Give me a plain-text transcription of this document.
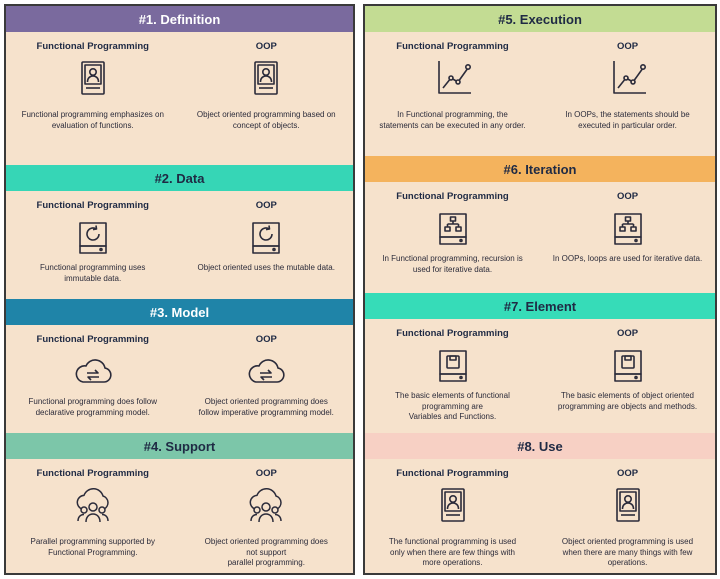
#1. Definition
Functional Programming
Functional programming emphasizes on
evaluation of functions.
OOP
Object oriented programming based on
concept of objects.
#2. Data
Functional Programming
Functional programming uses
immutable data.
OOP
Object oriented uses the mutable data.
#3. Model
Functional Programming
Functional programming does follow
declarative programming model.
OOP
Object oriented programming does
follow imperative programming model.
#4. Support
Functional Programming
Parallel programming supported by
Functional Programming.
OOP
Object oriented programming does
not support
parallel programming.
#5. Execution
Functional Programming
In Functional programming, the
statements can be executed in any order.
OOP
In OOPs, the statements should be
executed in particular order.
#6. Iteration
Functional Programming
In Functional programming, recursion is
used for iterative data.
OOP
In OOPs, loops are used for iterative data.
#7. Element
Functional Programming
The basic elements of functional
programming are
Variables and Functions.
OOP
The basic elements of object oriented
programming are objects and methods.
#8. Use
Functional Programming
The functional programming is used
only when there are few things with
more operations.
OOP
Object oriented programming is used
when there are many things with few
operations.
